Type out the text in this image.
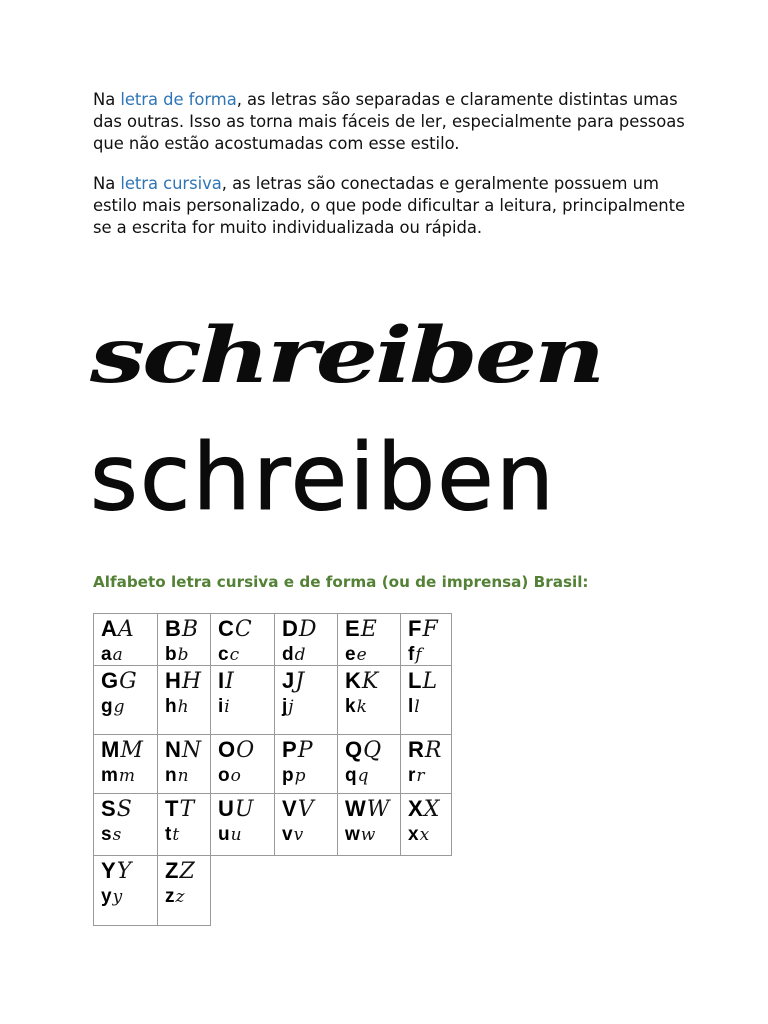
Na letra de forma, as letras são separadas e claramente distintas umas das outras. Isso as torna mais fáceis de ler, especialmente para pessoas que não estão acostumadas com esse estilo.

Na letra cursiva, as letras são conectadas e geralmente possuem um estilo mais personalizado, o que pode dificultar a leitura, principalmente se a escrita for muito individualizada ou rápida.

schreiben
schreiben
Alfabeto letra cursiva e de forma (ou de imprensa) Brasil:
AA
aa
BB
bb
CC
cc
DD
dd
EE
ee
FF
ff
GG
gg
HH
hh
II
ii
JJ
jj
KK
kk
LL
ll
MM
mm
NN
nn
OO
oo
PP
pp
QQ
qq
RR
rr
SS
ss
TT
tt
UU
uu
VV
vv
WW
ww
XX
xx
YY
yy
ZZ
zz
